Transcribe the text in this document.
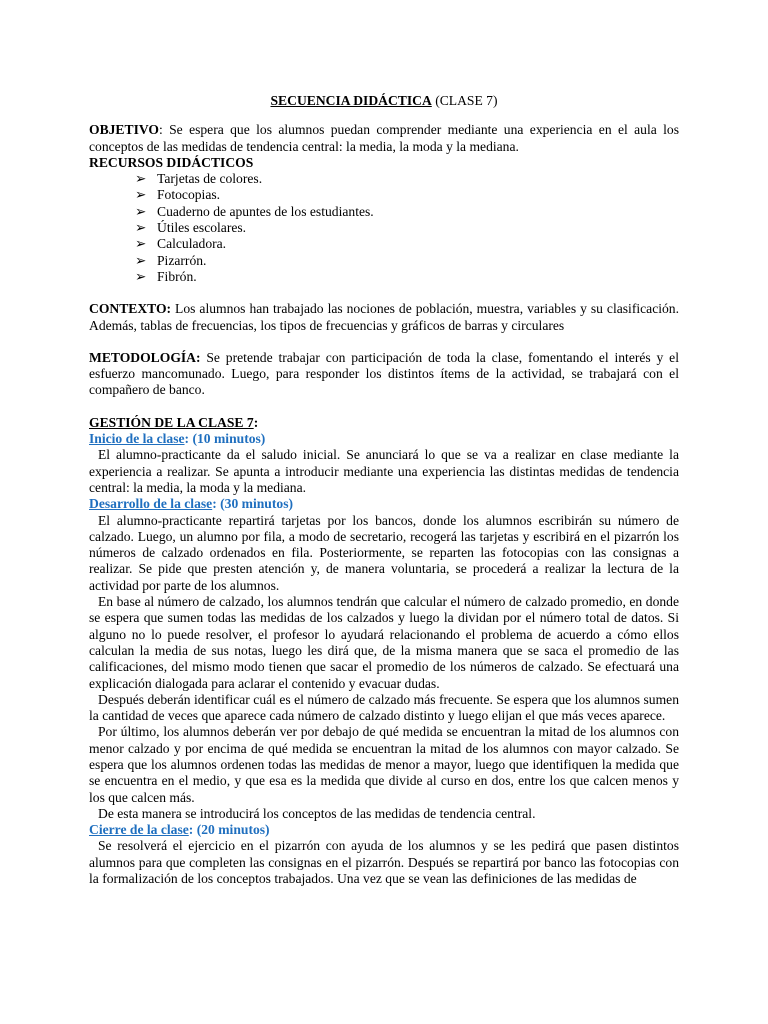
SECUENCIA DIDÁCTICA (CLASE 7)

OBJETIVO: Se espera que los alumnos puedan comprender mediante una experiencia en el aula los conceptos de las medidas de tendencia central: la media, la moda y la mediana.

RECURSOS DIDÁCTICOS

➢ Tarjetas de colores.
➢ Fotocopias.
➢ Cuaderno de apuntes de los estudiantes.
➢ Útiles escolares.
➢ Calculadora.
➢ Pizarrón.
➢ Fibrón.

CONTEXTO: Los alumnos han trabajado las nociones de población, muestra, variables y su clasificación. Además, tablas de frecuencias, los tipos de frecuencias y gráficos de barras y circulares

METODOLOGÍA: Se pretende trabajar con participación de toda la clase, fomentando el interés y el esfuerzo mancomunado. Luego, para responder los distintos ítems de la actividad, se trabajará con el compañero de banco.

GESTIÓN DE LA CLASE 7:

Inicio de la clase: (10 minutos)

El alumno-practicante da el saludo inicial. Se anunciará lo que se va a realizar en clase mediante la experiencia a realizar. Se apunta a introducir mediante una experiencia las distintas medidas de tendencia central: la media, la moda y la mediana.

Desarrollo de la clase: (30 minutos)

El alumno-practicante repartirá tarjetas por los bancos, donde los alumnos escribirán su número de calzado. Luego, un alumno por fila, a modo de secretario, recogerá las tarjetas y escribirá en el pizarrón los números de calzado ordenados en fila. Posteriormente, se reparten las fotocopias con las consignas a realizar. Se pide que presten atención y, de manera voluntaria, se procederá a realizar la lectura de la actividad por parte de los alumnos.

En base al número de calzado, los alumnos tendrán que calcular el número de calzado promedio, en donde se espera que sumen todas las medidas de los calzados y luego la dividan por el número total de datos. Si alguno no lo puede resolver, el profesor lo ayudará relacionando el problema de acuerdo a cómo ellos calculan la media de sus notas, luego les dirá que, de la misma manera que se saca el promedio de las calificaciones, del mismo modo tienen que sacar el promedio de los números de calzado. Se efectuará una explicación dialogada para aclarar el contenido y evacuar dudas.

Después deberán identificar cuál es el número de calzado más frecuente. Se espera que los alumnos sumen la cantidad de veces que aparece cada número de calzado distinto y luego elijan el que más veces aparece.

Por último, los alumnos deberán ver por debajo de qué medida se encuentran la mitad de los alumnos con menor calzado y por encima de qué medida se encuentran la mitad de los alumnos con mayor calzado. Se espera que los alumnos ordenen todas las medidas de menor a mayor, luego que identifiquen la medida que se encuentra en el medio, y que esa es la medida que divide al curso en dos, entre los que calcen menos y los que calcen más.

De esta manera se introducirá los conceptos de las medidas de tendencia central.

Cierre de la clase: (20 minutos)

Se resolverá el ejercicio en el pizarrón con ayuda de los alumnos y se les pedirá que pasen distintos alumnos para que completen las consignas en el pizarrón. Después se repartirá por banco las fotocopias con la formalización de los conceptos trabajados. Una vez que se vean las definiciones de las medidas de
